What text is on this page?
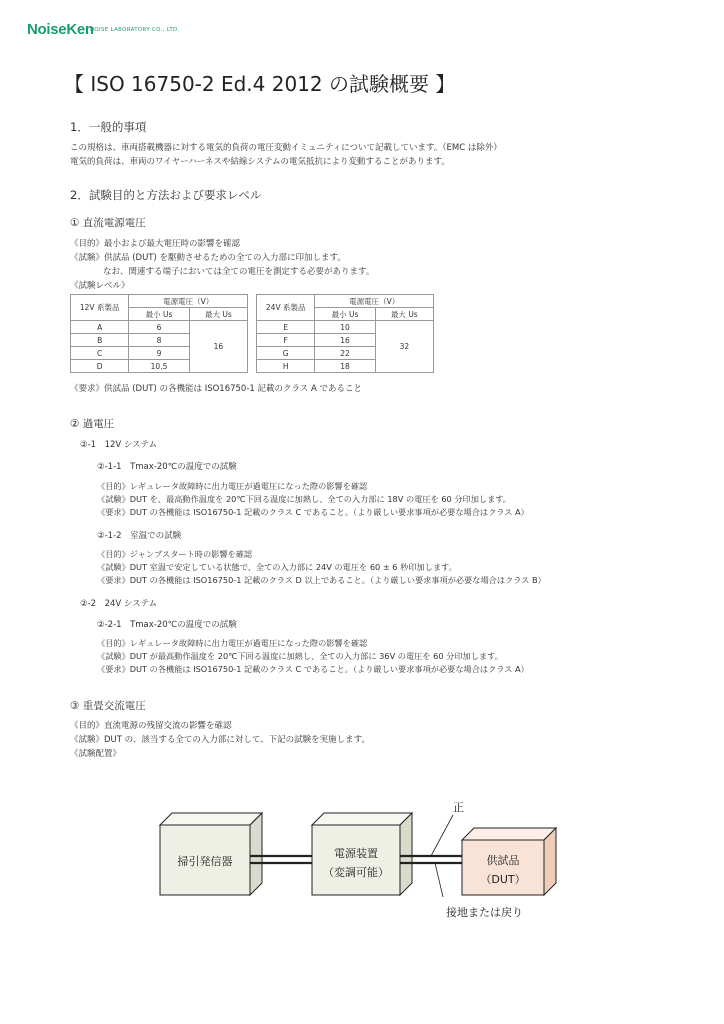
NoiseKen
NOISE LABORATORY CO., LTD.
【 ISO 16750-2 Ed.4 2012 の試験概要 】
1．一般的事項
この規格は、車両搭載機器に対する電気的負荷の電圧変動イミュニティについて記載しています。（EMC は除外）
電気的負荷は、車両のワイヤーハーネスや結線システムの電気抵抗により変動することがあります。
2．試験目的と方法および要求レベル
① 直流電源電圧
《目的》最小および最大電圧時の影響を確認
《試験》供試品 (DUT) を駆動させるための全ての入力部に印加します。
なお、関連する端子においては全ての電圧を測定する必要があります。
《試験レベル》
12V 系製品	電源電圧（V）	
	最小 Us	最大 Us
A	6	16
B	8	
C	9	
D	10.5	
24V 系製品	電源電圧（V）	
	最小 Us	最大 Us
E	10	32
F	16	
G	22	
H	18	
《要求》供試品 (DUT) の各機能は ISO16750-1 記載のクラス A であること
② 過電圧
②-1　12V システム
②-1-1　Tmax-20℃の温度での試験
《目的》レギュレータ故障時に出力電圧が過電圧になった際の影響を確認
《試験》DUT を、最高動作温度を 20℃下回る温度に加熱し、全ての入力部に 18V の電圧を 60 分印加します。
《要求》DUT の各機能は ISO16750-1 記載のクラス C であること。（より厳しい要求事項が必要な場合はクラス A）
②-1-2　室温での試験
《目的》ジャンプスタート時の影響を確認
《試験》DUT 室温で安定している状態で、全ての入力部に 24V の電圧を 60 ± 6 秒印加します。
《要求》DUT の各機能は ISO16750-1 記載のクラス D 以上であること。（より厳しい要求事項が必要な場合はクラス B）
②-2　24V システム
②-2-1　Tmax-20℃の温度での試験
《目的》レギュレータ故障時に出力電圧が過電圧になった際の影響を確認
《試験》DUT が最高動作温度を 20℃下回る温度に加熱し、全ての入力部に 36V の電圧を 60 分印加します。
《要求》DUT の各機能は ISO16750-1 記載のクラス C であること。（より厳しい要求事項が必要な場合はクラス A）
③ 重畳交流電圧
《目的》直流電源の残留交流の影響を確認
《試験》DUT の、該当する全ての入力部に対して、下記の試験を実施します。
《試験配置》
掃引発信器
電源装置
（変調可能）
供試品
（DUT）
正
接地または戻り
